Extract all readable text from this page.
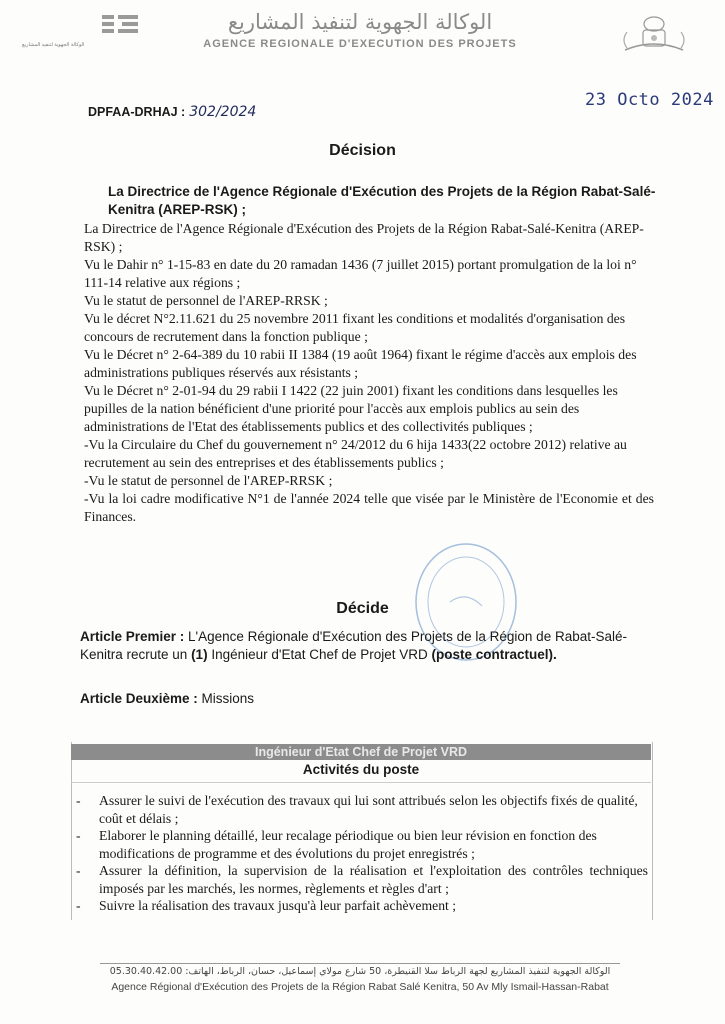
الوكالة الجهوية لتنفيذ المشاريع
الوكالة الجهوية لتنفيذ المشاريع
AGENCE REGIONALE D'EXECUTION DES PROJETS
DPFAA-DRHAJ : 302/2024
23 Octo 2024
Décision
La Directrice de l'Agence Régionale d'Exécution des Projets de la Région Rabat-Salé-Kenitra (AREP-RSK) ;

La Directrice de l'Agence Régionale d'Exécution des Projets de la Région Rabat-Salé-Kenitra (AREP-RSK) ;

Vu le Dahir n° 1-15-83 en date du 20 ramadan 1436 (7 juillet 2015) portant promulgation de la loi n° 111-14 relative aux régions ;

Vu le statut de personnel de l'AREP-RRSK ;

Vu le décret N°2.11.621 du 25 novembre 2011 fixant les conditions et modalités d'organisation des concours de recrutement dans la fonction publique ;

Vu le Décret n° 2-64-389 du 10 rabii II 1384 (19 août 1964) fixant le régime d'accès aux emplois des administrations publiques réservés aux résistants ;

Vu le Décret n° 2-01-94 du 29 rabii I 1422 (22 juin 2001) fixant les conditions dans lesquelles les pupilles de la nation bénéficient d'une priorité pour l'accès aux emplois publics au sein des administrations de l'Etat des établissements publics et des collectivités publiques ;

-Vu la Circulaire du Chef du gouvernement n° 24/2012 du 6 hija 1433(22 octobre 2012) relative au recrutement au sein des entreprises et des établissements publics ;

-Vu le statut de personnel de l'AREP-RRSK ;

-Vu la loi cadre modificative N°1 de l'année 2024 telle que visée par le Ministère de l'Economie et des Finances.

Décide
Article Premier : L'Agence Régionale d'Exécution des Projets de la Région de Rabat-Salé-Kenitra recrute un (1) Ingénieur d'Etat Chef de Projet VRD (poste contractuel).
Article Deuxième : Missions
Ingénieur d'Etat Chef de Projet VRD
Activités du poste
- Assurer le suivi de l'exécution des travaux qui lui sont attribués selon les objectifs fixés de qualité, coût et délais ;
- Elaborer le planning détaillé, leur recalage périodique ou bien leur révision en fonction des modifications de programme et des évolutions du projet enregistrés ;
- Assurer la définition, la supervision de la réalisation et l'exploitation des contrôles techniques imposés par les marchés, les normes, règlements et règles d'art ;
- Suivre la réalisation des travaux jusqu'à leur parfait achèvement ;
الوكالة الجهوية لتنفيذ المشاريع لجهة الرباط سلا القنيطرة، 50 شارع مولاي إسماعيل، حسان، الرباط، الهاتف: 05.30.40.42.00
Agence Régional d'Exécution des Projets de la Région Rabat Salé Kenitra, 50 Av Mly Ismail-Hassan-Rabat
